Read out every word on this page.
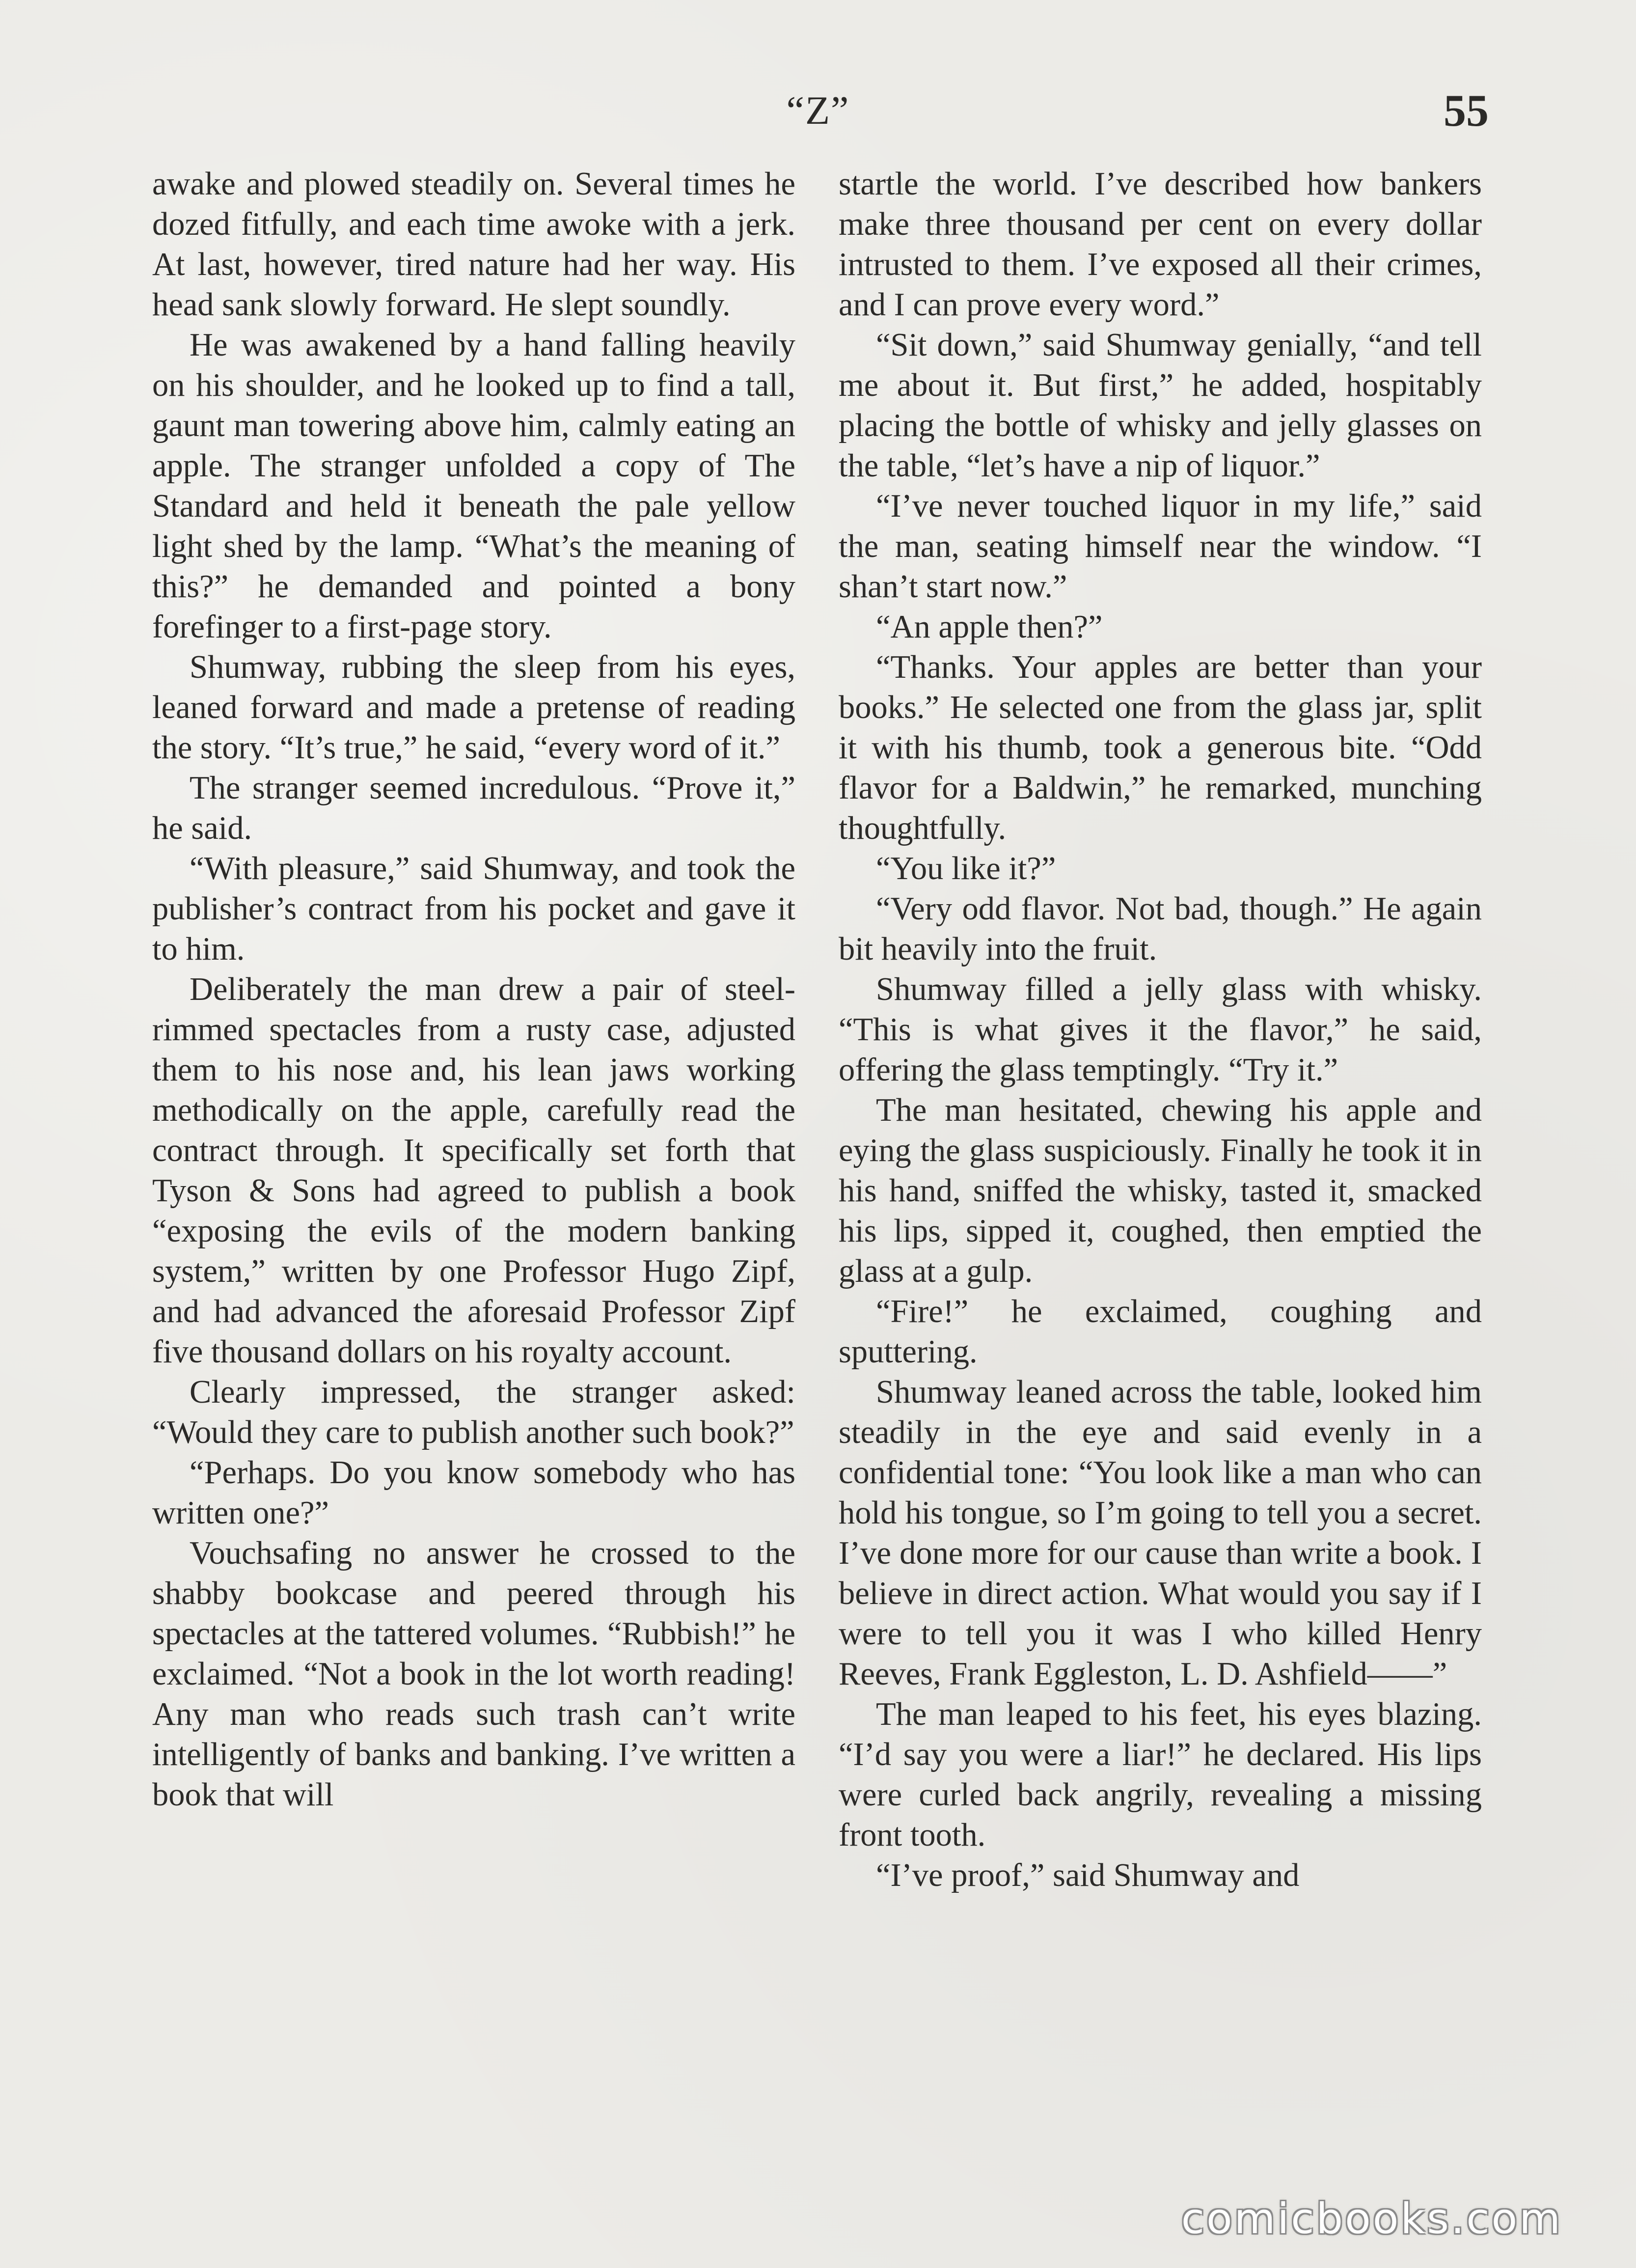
“Z”	55

awake and plowed steadily on. Several times he dozed fitfully, and each time awoke with a jerk. At last, however, tired nature had her way. His head sank slowly forward. He slept soundly.

He was awakened by a hand falling heavily on his shoulder, and he looked up to find a tall, gaunt man towering above him, calmly eating an apple. The stranger unfolded a copy of The Standard and held it beneath the pale yellow light shed by the lamp. “What’s the meaning of this?” he demanded and pointed a bony forefinger to a first-page story.

Shumway, rubbing the sleep from his eyes, leaned forward and made a pretense of reading the story. “It’s true,” he said, “every word of it.”

The stranger seemed incredulous. “Prove it,” he said.

“With pleasure,” said Shumway, and took the publisher’s contract from his pocket and gave it to him.

Deliberately the man drew a pair of steel-rimmed spectacles from a rusty case, adjusted them to his nose and, his lean jaws working methodically on the apple, carefully read the contract through. It specifically set forth that Tyson & Sons had agreed to publish a book “exposing the evils of the modern banking system,” written by one Professor Hugo Zipf, and had advanced the aforesaid Professor Zipf five thousand dollars on his royalty account.

Clearly impressed, the stranger asked: “Would they care to publish another such book?”

“Perhaps. Do you know somebody who has written one?”

Vouchsafing no answer he crossed to the shabby bookcase and peered through his spectacles at the tattered volumes. “Rubbish!” he exclaimed. “Not a book in the lot worth reading! Any man who reads such trash can’t write intelligently of banks and banking. I’ve written a book that will

startle the world. I’ve described how bankers make three thousand per cent on every dollar intrusted to them. I’ve exposed all their crimes, and I can prove every word.”

“Sit down,” said Shumway genially, “and tell me about it. But first,” he added, hospitably placing the bottle of whisky and jelly glasses on the table, “let’s have a nip of liquor.”

“I’ve never touched liquor in my life,” said the man, seating himself near the window. “I shan’t start now.”

“An apple then?”

“Thanks. Your apples are better than your books.” He selected one from the glass jar, split it with his thumb, took a generous bite. “Odd flavor for a Baldwin,” he remarked, munching thoughtfully.

“You like it?”

“Very odd flavor. Not bad, though.” He again bit heavily into the fruit.

Shumway filled a jelly glass with whisky. “This is what gives it the flavor,” he said, offering the glass temptingly. “Try it.”

The man hesitated, chewing his apple and eying the glass suspiciously. Finally he took it in his hand, sniffed the whisky, tasted it, smacked his lips, sipped it, coughed, then emptied the glass at a gulp.

“Fire!” he exclaimed, coughing and sputtering.

Shumway leaned across the table, looked him steadily in the eye and said evenly in a confidential tone: “You look like a man who can hold his tongue, so I’m going to tell you a secret. I’ve done more for our cause than write a book. I believe in direct action. What would you say if I were to tell you it was I who killed Henry Reeves, Frank Eggleston, L. D. Ashfield——”

The man leaped to his feet, his eyes blazing. “I’d say you were a liar!” he declared. His lips were curled back angrily, revealing a missing front tooth.

“I’ve proof,” said Shumway and

comicbooks.com
